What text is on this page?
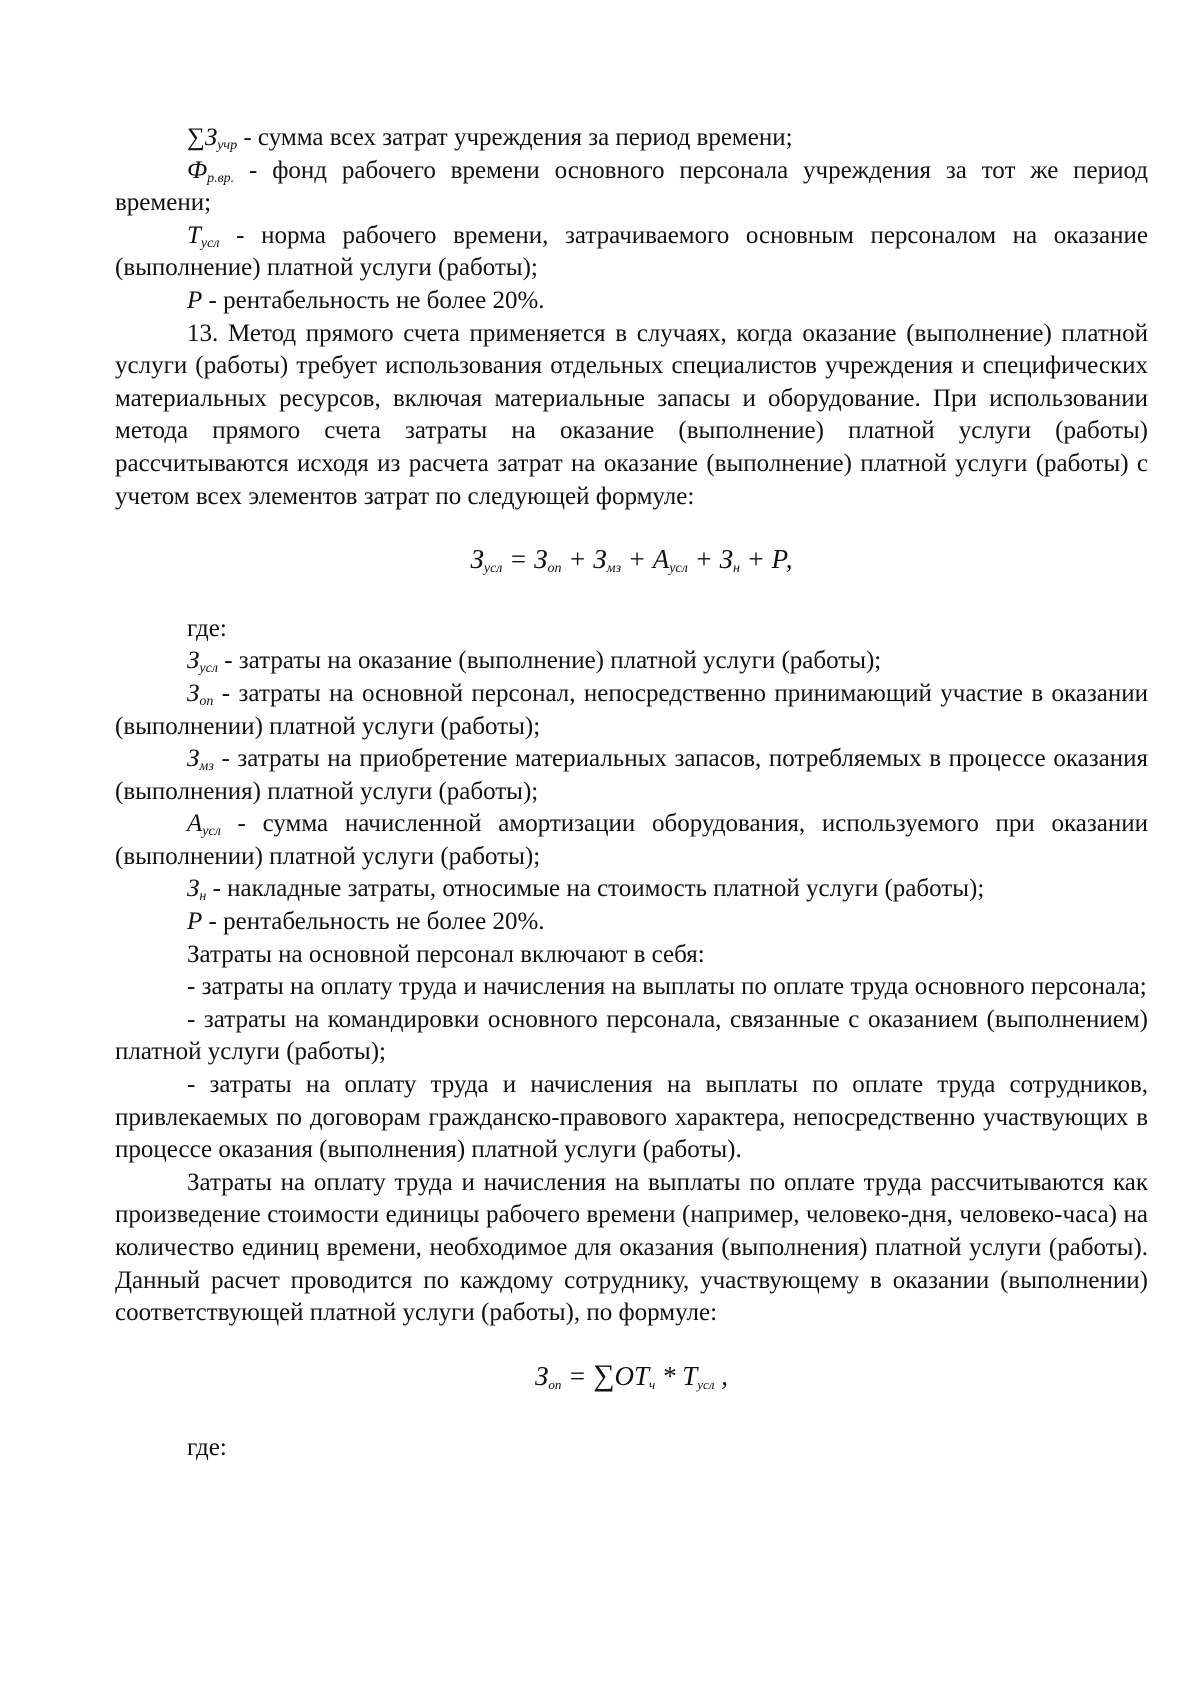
$\sum З_{учр}$ - сумма всех затрат учреждения за период времени;

$Ф_{р.вр.}$ - фонд рабочего времени основного персонала учреждения за тот же период времени;

$Т_{усл}$ - норма рабочего времени, затрачиваемого основным персоналом на оказание (выполнение) платной услуги (работы);

Р - рентабельность не более 20%.

13. Метод прямого счета применяется в случаях, когда оказание (выполнение) платной услуги (работы) требует использования отдельных специалистов учреждения и специфических материальных ресурсов, включая материальные запасы и оборудование. При использовании метода прямого счета затраты на оказание (выполнение) платной услуги (работы) рассчитываются исходя из расчета затрат на оказание (выполнение) платной услуги (работы) с учетом всех элементов затрат по следующей формуле:

$З_{усл} = З_{оп} + З_{мз} + А_{усл} + З_н + Р$,

где:

$З_{усл}$ - затраты на оказание (выполнение) платной услуги (работы);

$З_{оп}$ - затраты на основной персонал, непосредственно принимающий участие в оказании (выполнении) платной услуги (работы);

$З_{мз}$ - затраты на приобретение материальных запасов, потребляемых в процессе оказания (выполнения) платной услуги (работы);

$А_{усл}$ - сумма начисленной амортизации оборудования, используемого при оказании (выполнении) платной услуги (работы);

$З_н$ - накладные затраты, относимые на стоимость платной услуги (работы);

Р - рентабельность не более 20%.

Затраты на основной персонал включают в себя:

- затраты на оплату труда и начисления на выплаты по оплате труда основного персонала;

- затраты на командировки основного персонала, связанные с оказанием (выполнением) платной услуги (работы);

- затраты на оплату труда и начисления на выплаты по оплате труда сотрудников, привлекаемых по договорам гражданско-правового характера, непосредственно участвующих в процессе оказания (выполнения) платной услуги (работы).

Затраты на оплату труда и начисления на выплаты по оплате труда рассчитываются как произведение стоимости единицы рабочего времени (например, человеко-дня, человеко-часа) на количество единиц времени, необходимое для оказания (выполнения) платной услуги (работы). Данный расчет проводится по каждому сотруднику, участвующему в оказании (выполнении) соответствующей платной услуги (работы), по формуле:

$З_{оп} = \sum ОТ_ч * Т_{усл}$ ,

где:
